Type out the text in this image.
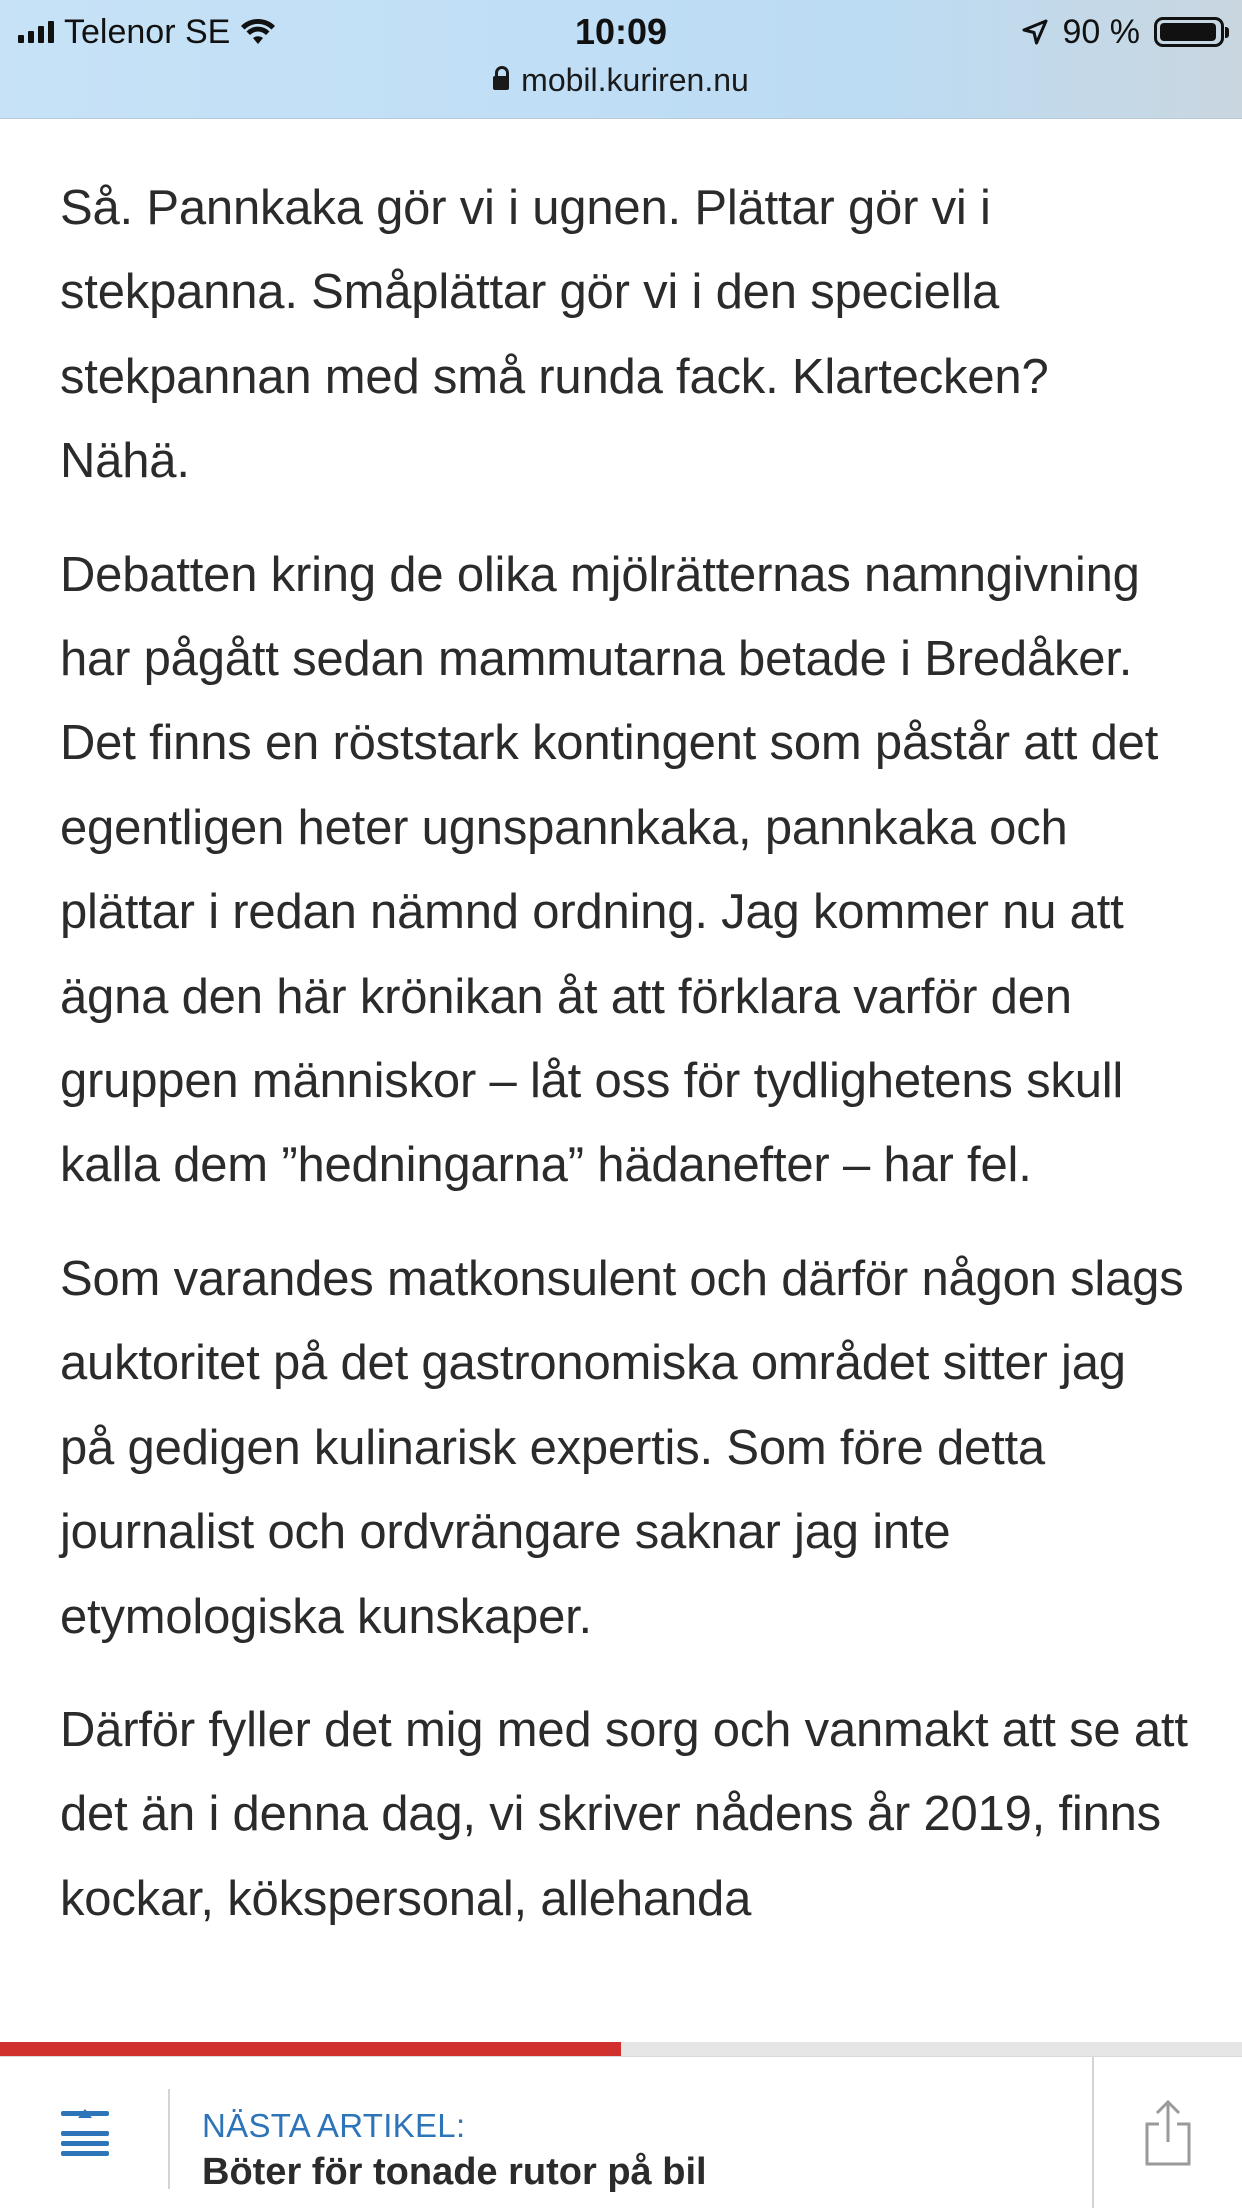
Telenor SE	10:09	90 %
mobil.kuriren.nu

Så. Pannkaka gör vi i ugnen. Plättar gör vi i stekpanna. Småplättar gör vi i den speciella stekpannan med små runda fack. Klartecken? Nähä.

Debatten kring de olika mjölrätternas namngivning har pågått sedan mammutarna betade i Bredåker. Det finns en röststark kontingent som påstår att det egentligen heter ugnspannkaka, pannkaka och plättar i redan nämnd ordning. Jag kommer nu att ägna den här krönikan åt att förklara varför den gruppen människor – låt oss för tydlighetens skull kalla dem ”hedningarna” hädanefter – har fel.

Som varandes matkonsulent och därför någon slags auktoritet på det gastronomiska området sitter jag på gedigen kulinarisk expertis. Som före detta journalist och ordvrängare saknar jag inte etymologiska kunskaper.

Därför fyller det mig med sorg och vanmakt att se att det än i denna dag, vi skriver nådens år 2019, finns kockar, kökspersonal, allehanda

NÄSTA ARTIKEL:
Böter för tonade rutor på bil
